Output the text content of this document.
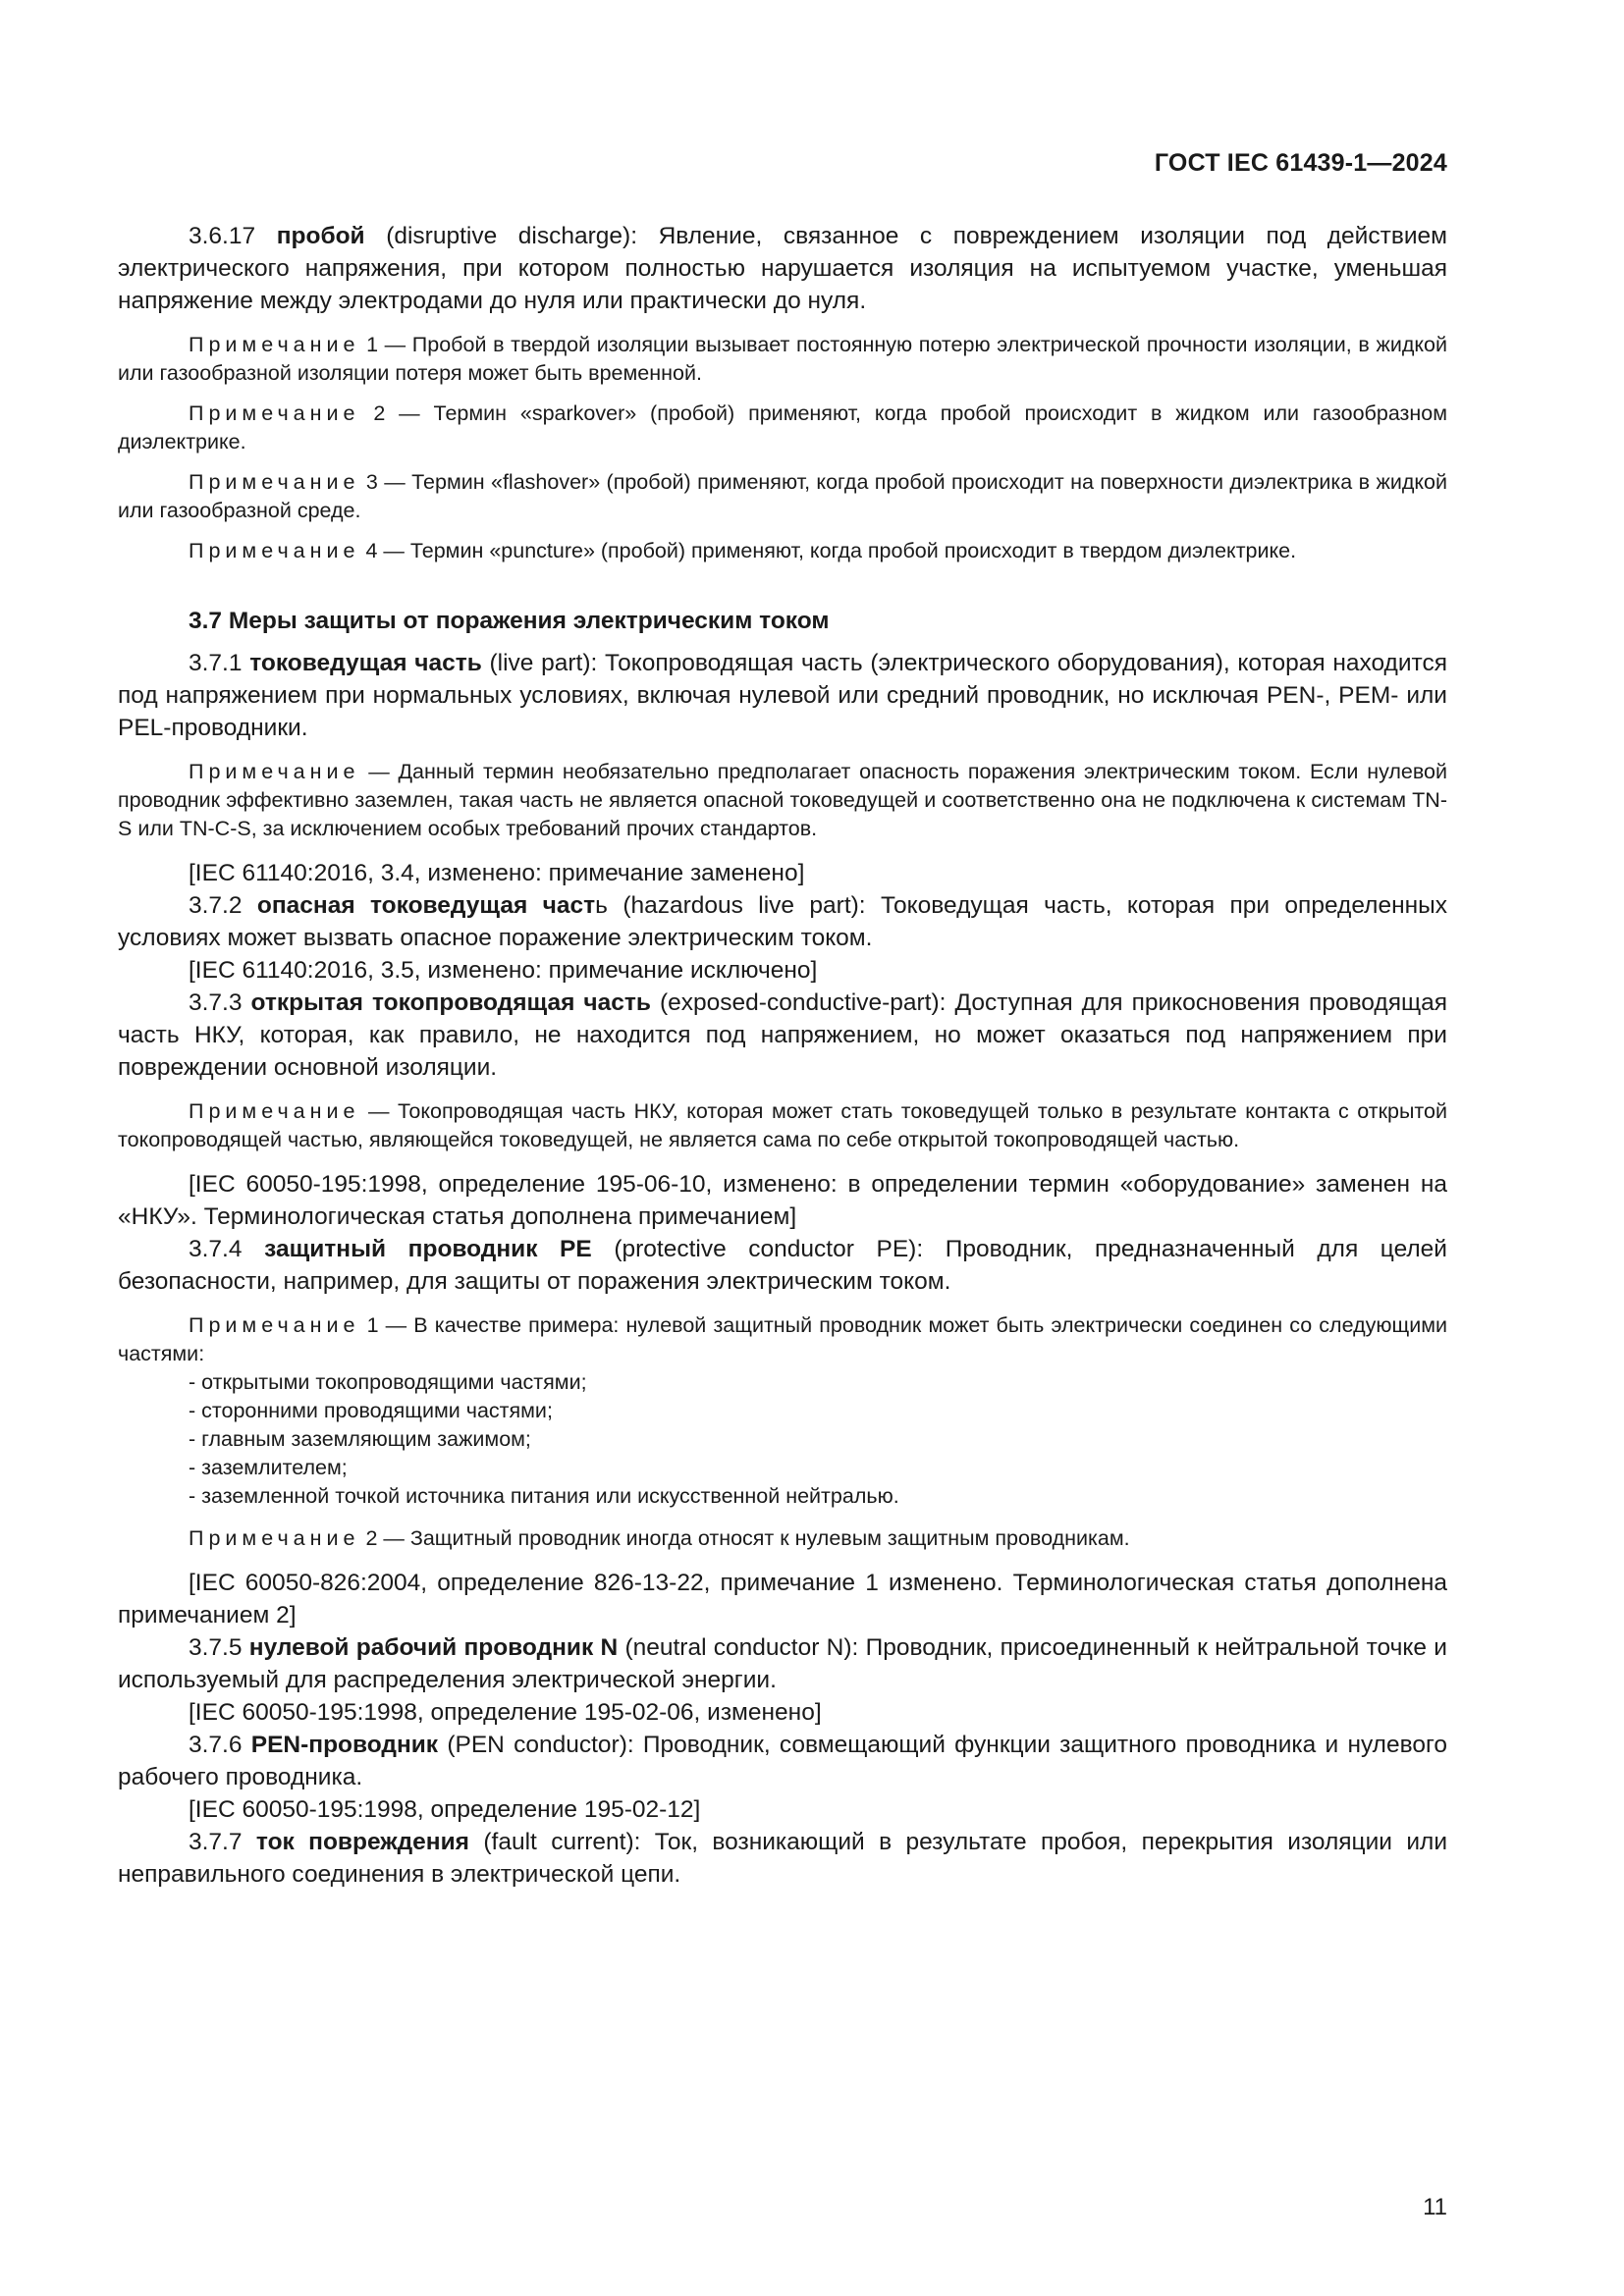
ГОСТ IEC 61439-1—2024

3.6.17 пробой (disruptive discharge): Явление, связанное с повреждением изоляции под действием электрического напряжения, при котором полностью нарушается изоляция на испытуемом участке, уменьшая напряжение между электродами до нуля или практически до нуля.

Примечание 1 — Пробой в твердой изоляции вызывает постоянную потерю электрической прочности изоляции, в жидкой или газообразной изоляции потеря может быть временной.

Примечание 2 — Термин «sparkover» (пробой) применяют, когда пробой происходит в жидком или газообразном диэлектрике.

Примечание 3 — Термин «flashover» (пробой) применяют, когда пробой происходит на поверхности диэлектрика в жидкой или газообразной среде.

Примечание 4 — Термин «puncture» (пробой) применяют, когда пробой происходит в твердом диэлектрике.

3.7 Меры защиты от поражения электрическим током

3.7.1 токоведущая часть (live part): Токопроводящая часть (электрического оборудования), которая находится под напряжением при нормальных условиях, включая нулевой или средний проводник, но исключая PEN-, PEM- или PEL-проводники.

Примечание — Данный термин необязательно предполагает опасность поражения электрическим током. Если нулевой проводник эффективно заземлен, такая часть не является опасной токоведущей и соответственно она не подключена к системам TN-S или TN-C-S, за исключением особых требований прочих стандартов.

[IEC 61140:2016, 3.4, изменено: примечание заменено]

3.7.2 опасная токоведущая часть (hazardous live part): Токоведущая часть, которая при определенных условиях может вызвать опасное поражение электрическим током.

[IEC 61140:2016, 3.5, изменено: примечание исключено]

3.7.3 открытая токопроводящая часть (exposed-conductive-part): Доступная для прикосновения проводящая часть НКУ, которая, как правило, не находится под напряжением, но может оказаться под напряжением при повреждении основной изоляции.

Примечание — Токопроводящая часть НКУ, которая может стать токоведущей только в результате контакта с открытой токопроводящей частью, являющейся токоведущей, не является сама по себе открытой токопроводящей частью.

[IEC 60050-195:1998, определение 195-06-10, изменено: в определении термин «оборудование» заменен на «НКУ». Терминологическая статья дополнена примечанием]

3.7.4 защитный проводник PE (protective conductor PE): Проводник, предназначенный для целей безопасности, например, для защиты от поражения электрическим током.

Примечание 1 — В качестве примера: нулевой защитный проводник может быть электрически соединен со следующими частями:

- открытыми токопроводящими частями;
- сторонними проводящими частями;
- главным заземляющим зажимом;
- заземлителем;
- заземленной точкой источника питания или искусственной нейтралью.

Примечание 2 — Защитный проводник иногда относят к нулевым защитным проводникам.

[IEC 60050-826:2004, определение 826-13-22, примечание 1 изменено. Терминологическая статья дополнена примечанием 2]

3.7.5 нулевой рабочий проводник N (neutral conductor N): Проводник, присоединенный к нейтральной точке и используемый для распределения электрической энергии.

[IEC 60050-195:1998, определение 195-02-06, изменено]

3.7.6 PEN-проводник (PEN conductor): Проводник, совмещающий функции защитного проводника и нулевого рабочего проводника.

[IEC 60050-195:1998, определение 195-02-12]

3.7.7 ток повреждения (fault current): Ток, возникающий в результате пробоя, перекрытия изоляции или неправильного соединения в электрической цепи.

11
